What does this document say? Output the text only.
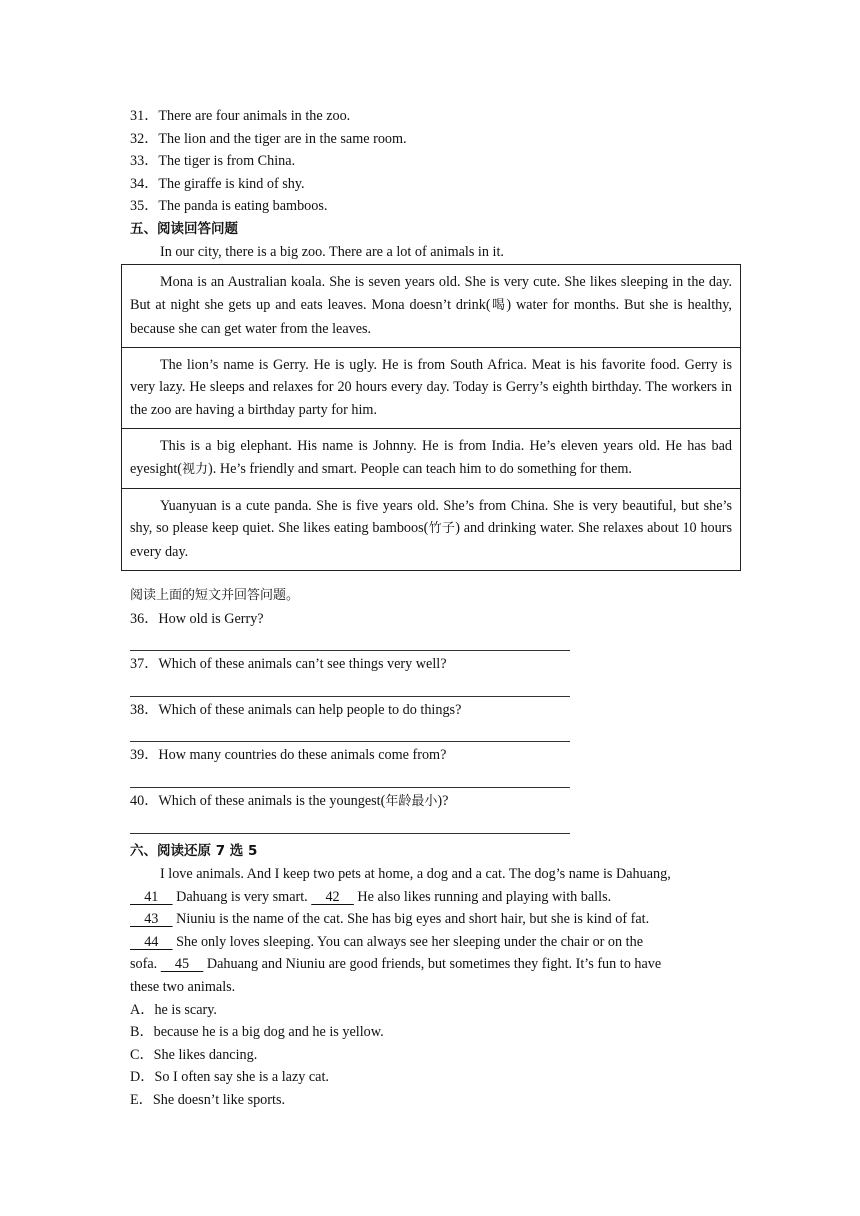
31．There are four animals in the zoo.
32．The lion and the tiger are in the same room.
33．The tiger is from China.
34．The giraffe is kind of shy.
35．The panda is eating bamboos.
五、阅读回答问题
In our city, there is a big zoo. There are a lot of animals in it.

Mona is an Australian koala. She is seven years old. She is very cute. She likes sleeping in the day. But at night she gets up and eats leaves. Mona doesn’t drink(喝) water for months. But she is healthy, because she can get water from the leaves.

The lion’s name is Gerry. He is ugly. He is from South Africa. Meat is his favorite food. Gerry is very lazy. He sleeps and relaxes for 20 hours every day. Today is Gerry’s eighth birthday. The workers in the zoo are having a birthday party for him.

This is a big elephant. His name is Johnny. He is from India. He’s eleven years old. He has bad eyesight(视力). He’s friendly and smart. People can teach him to do something for them.

Yuanyuan is a cute panda. She is five years old. She’s from China. She is very beautiful, but she’s shy, so please keep quiet. She likes eating bamboos(竹子) and drinking water. She relaxes about 10 hours every day.

阅读上面的短文并回答问题。
36．How old is Gerry?
37．Which of these animals can’t see things very well?
38．Which of these animals can help people to do things?
39．How many countries do these animals come from?
40．Which of these animals is the youngest(年龄最小)?
六、阅读还原 7 选 5
I love animals. And I keep two pets at home, a dog and a cat. The dog’s name is Dahuang,
41     Dahuang is very smart.     42     He also likes running and playing with balls.
43     Niuniu is the name of the cat. She has big eyes and short hair, but she is kind of fat.
44     She only loves sleeping. You can always see her sleeping under the chair or on the
sofa.     45     Dahuang and Niuniu are good friends, but sometimes they fight. It’s fun to have
these two animals.
A．he is scary.
B．because he is a big dog and he is yellow.
C．She likes dancing.
D．So I often say she is a lazy cat.
E．She doesn’t like sports.
